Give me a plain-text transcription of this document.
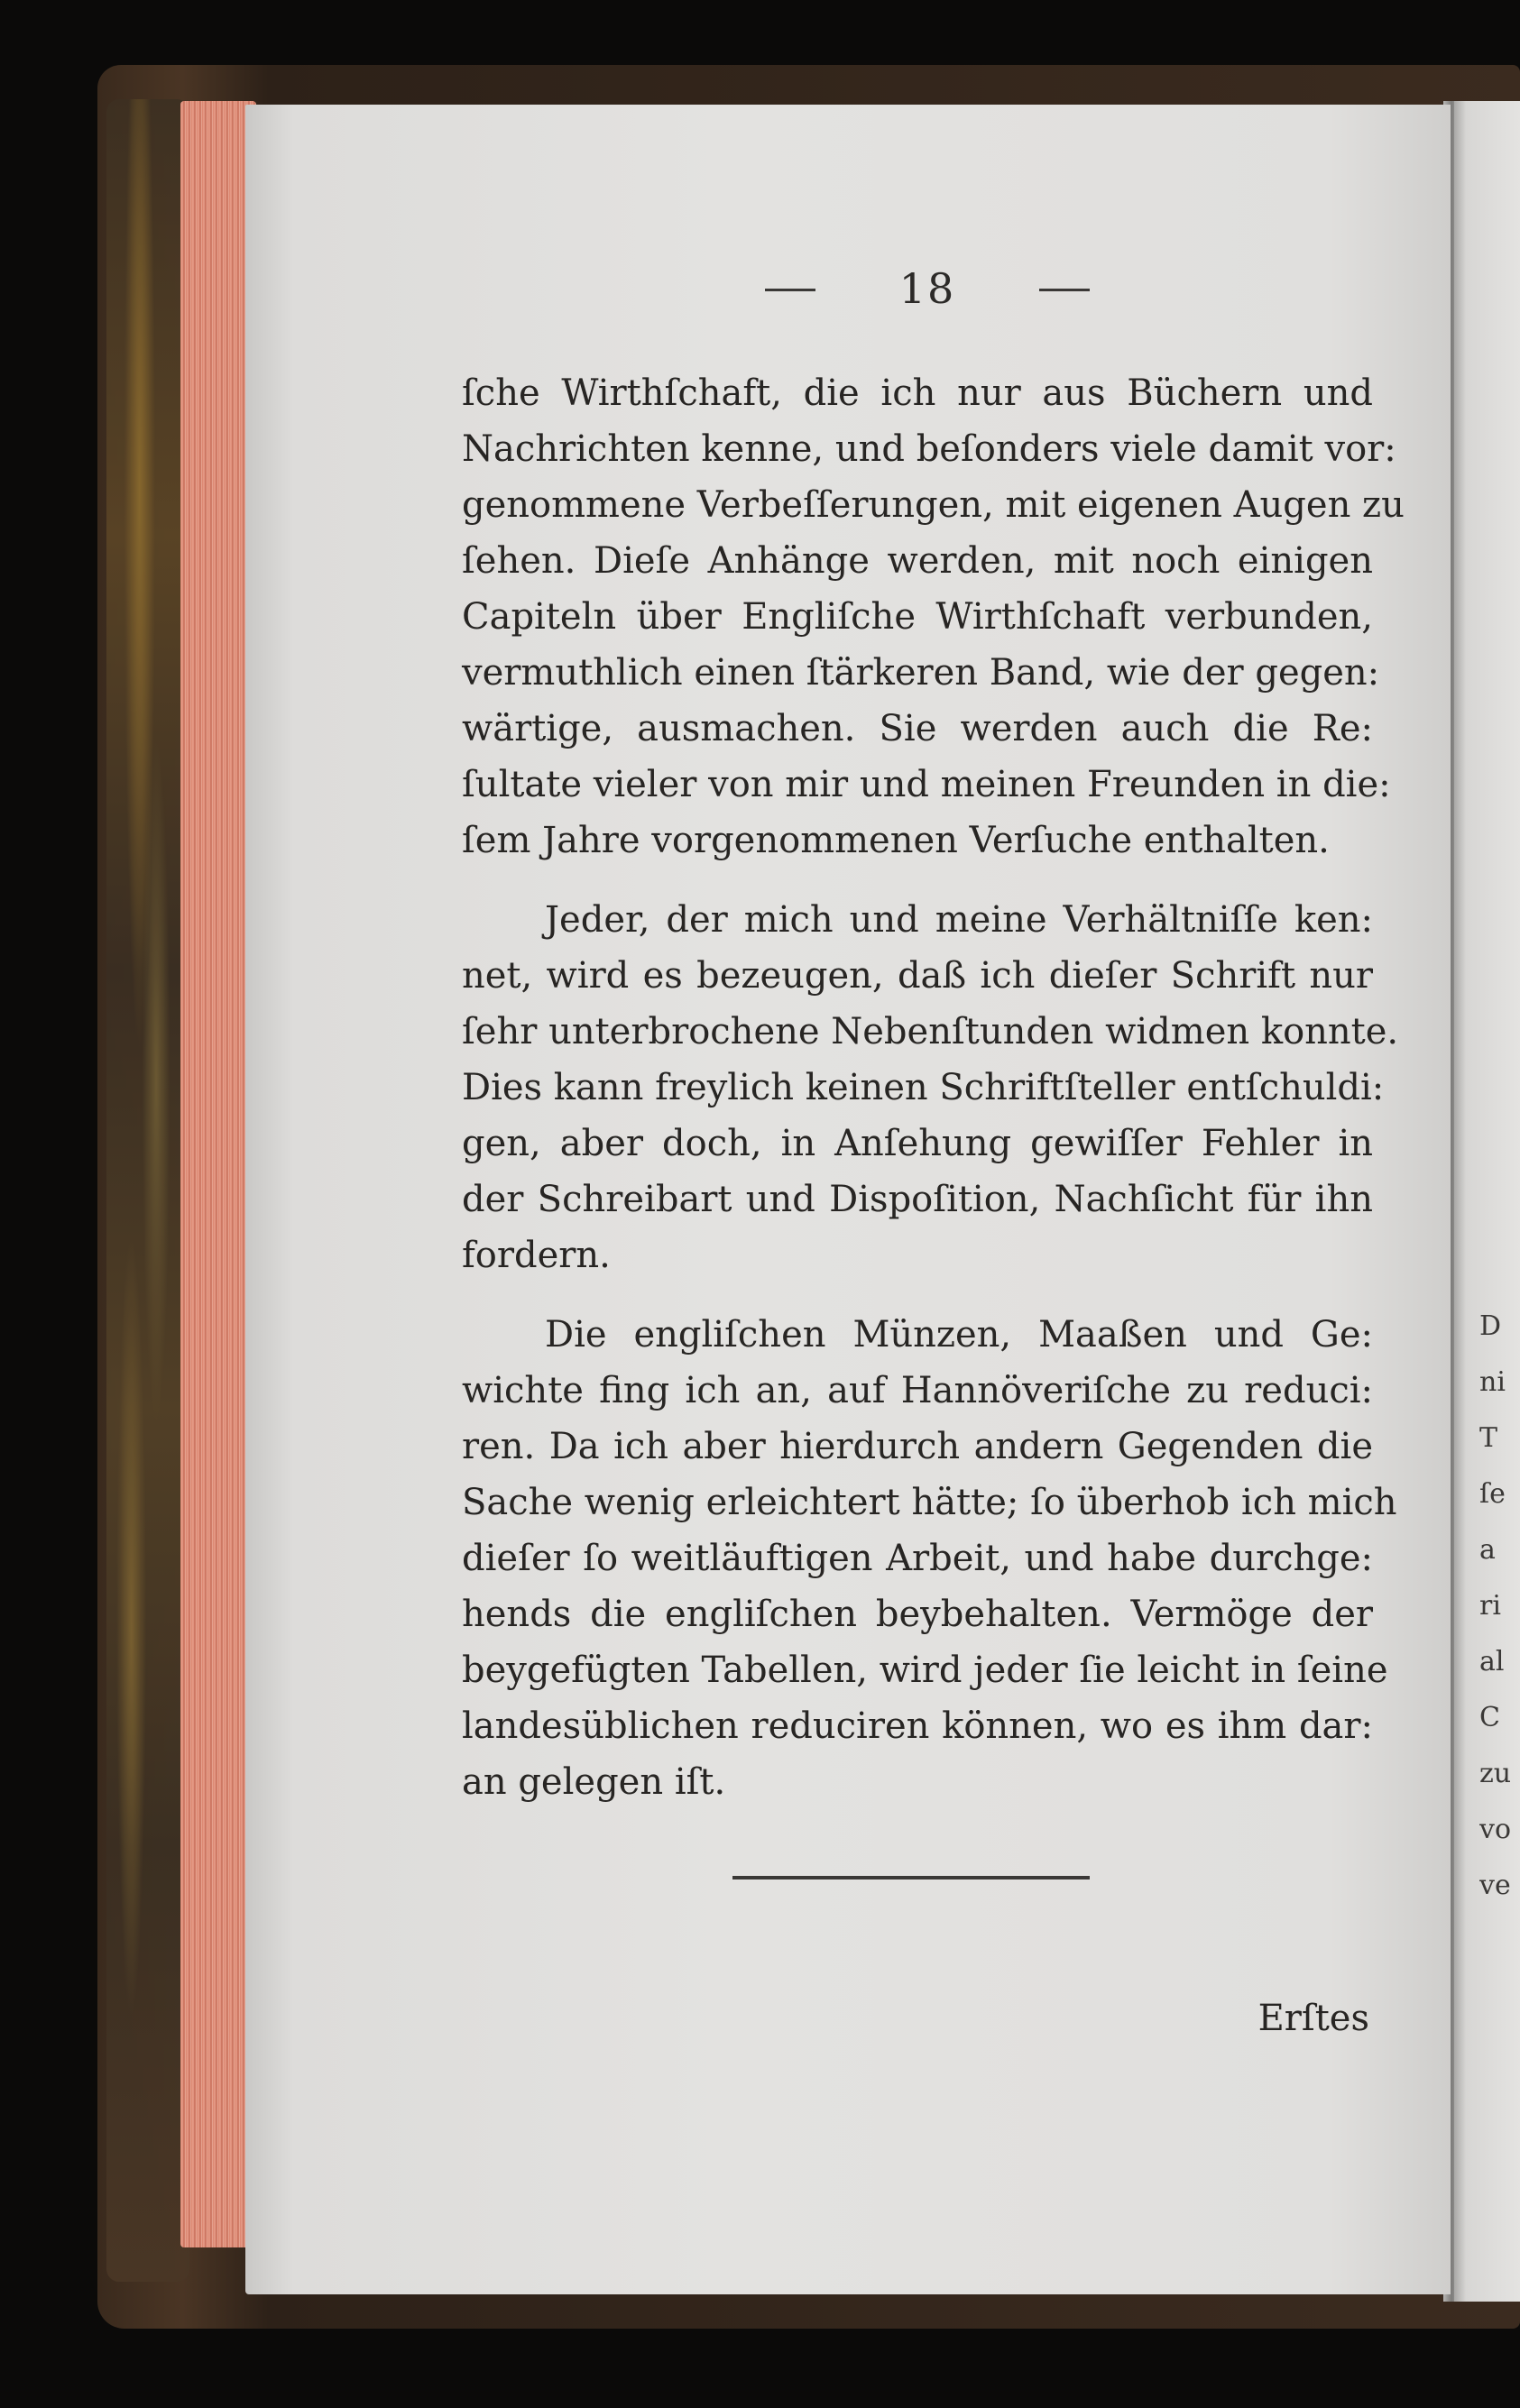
D
ni
T
ſe
a
ri
al
C
zu
vo
ve
18
ſche Wirthſchaft, die ich nur aus Büchern und
Nachrichten kenne, und beſonders viele damit vor:
genommene Verbeſſerungen, mit eigenen Augen zu
ſehen. Dieſe Anhänge werden, mit noch einigen
Capiteln über Engliſche Wirthſchaft verbunden,
vermuthlich einen ſtärkeren Band, wie der gegen:
wärtige, ausmachen. Sie werden auch die Re:
ſultate vieler von mir und meinen Freunden in die:
ſem Jahre vorgenommenen Verſuche enthalten.
Jeder, der mich und meine Verhältniſſe ken:
net, wird es bezeugen, daß ich dieſer Schrift nur
ſehr unterbrochene Nebenſtunden widmen konnte.
Dies kann freylich keinen Schriftſteller entſchuldi:
gen, aber doch, in Anſehung gewiſſer Fehler in
der Schreibart und Dispoſition, Nachſicht für ihn
fordern.
Die engliſchen Münzen, Maaßen und Ge:
wichte fing ich an, auf Hannöveriſche zu reduci:
ren. Da ich aber hierdurch andern Gegenden die
Sache wenig erleichtert hätte; ſo überhob ich mich
dieſer ſo weitläuftigen Arbeit, und habe durchge:
hends die engliſchen beybehalten. Vermöge der
beygefügten Tabellen, wird jeder ſie leicht in ſeine
landesüblichen reduciren können, wo es ihm dar:
an gelegen iſt.
Erſtes
